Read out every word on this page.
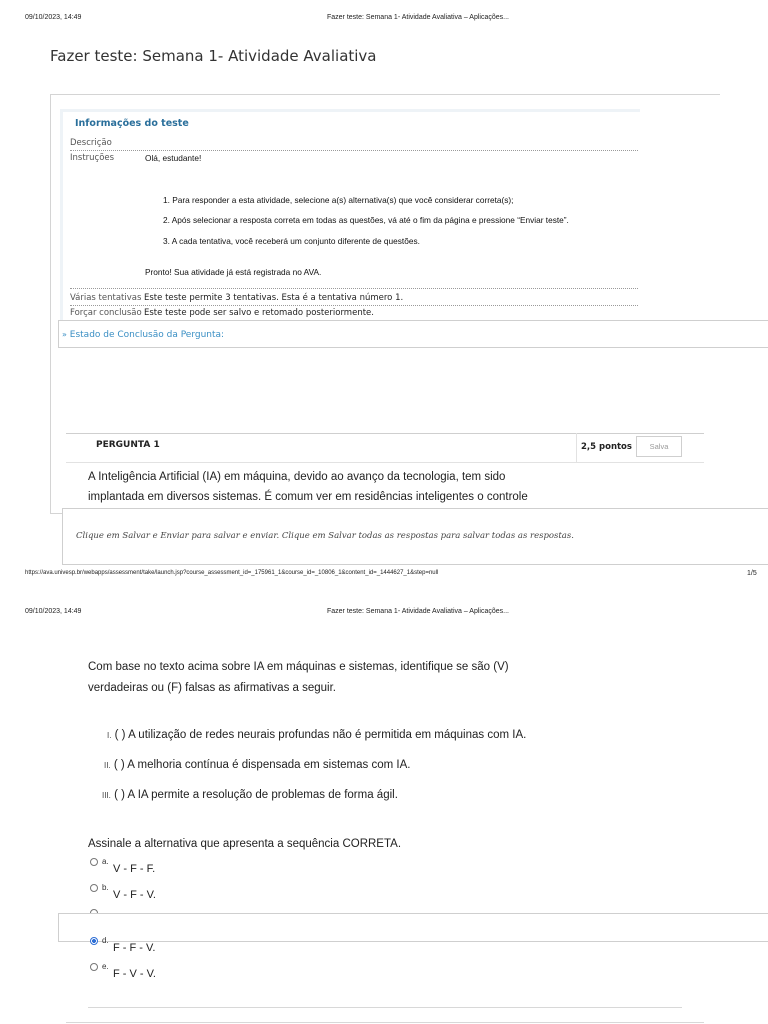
09/10/2023, 14:49	Fazer teste: Semana 1- Atividade Avaliativa – Aplicações...
Fazer teste: Semana 1- Atividade Avaliativa
Informações do teste
Descrição
Instruções	Olá, estudante!
1. Para responder a esta atividade, selecione a(s) alternativa(s) que você considerar correta(s);
2. Após selecionar a resposta correta em todas as questões, vá até o fim da página e pressione “Enviar teste”.
3. A cada tentativa, você receberá um conjunto diferente de questões.
Pronto! Sua atividade já está registrada no AVA.
Várias tentativas Este teste permite 3 tentativas. Esta é a tentativa número 1.
Forçar conclusão Este teste pode ser salvo e retomado posteriormente.
» Estado de Conclusão da Pergunta:
PERGUNTA 1	2,5 pontos	Salva
A Inteligência Artificial (IA) em máquina, devido ao avanço da tecnologia, tem sido
implantada em diversos sistemas. É comum ver em residências inteligentes o controle
Clique em Salvar e Enviar para salvar e enviar. Clique em Salvar todas as respostas para salvar todas as respostas.
https://ava.univesp.br/webapps/assessment/take/launch.jsp?course_assessment_id=_175961_1&course_id=_10806_1&content_id=_1444627_1&step=null	1/5
09/10/2023, 14:49	Fazer teste: Semana 1- Atividade Avaliativa – Aplicações...
Com base no texto acima sobre IA em máquinas e sistemas, identifique se são (V)
verdadeiras ou (F) falsas as afirmativas a seguir.
I. ( ) A utilização de redes neurais profundas não é permitida em máquinas com IA.
II. ( ) A melhoria contínua é dispensada em sistemas com IA.
III. ( ) A IA permite a resolução de problemas de forma ágil.
Assinale a alternativa que apresenta a sequência CORRETA.
a.
V - F - F.
b.
V - F - V.
d.
F - F - V.
e.
F - V - V.
